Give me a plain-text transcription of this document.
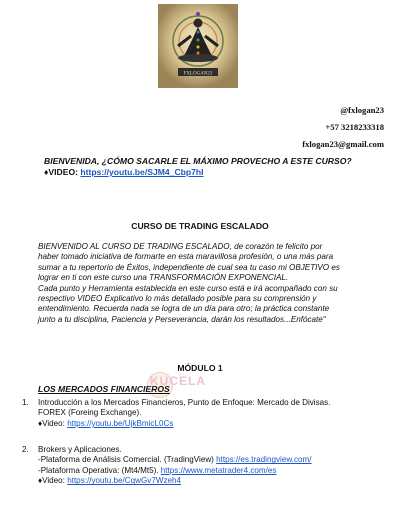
FXLOGAN23
@fxlogan23
+57 3218233318
fxlogan23@gmail.com
BIENVENIDA, ¿CÓMO SACARLE EL MÁXIMO PROVECHO A ESTE CURSO?
♦VIDEO: https://youtu.be/SJM4_Cbp7hI
CURSO DE TRADING ESCALADO
BIENVENIDO AL CURSO DE TRADING ESCALADO, de corazón te felicito por
haber tomado iniciativa de formarte en esta maravillosa profesión, o una más para
sumar a tu repertorio de Éxitos, independiente de cual sea tu caso mi OBJETIVO es
lograr en ti con este curso una TRANSFORMACIÓN EXPONENCIAL.
Cada punto y Herramienta establecida en este curso está e irá acompañado con su
respectivo VIDEO Explicativo lo más detallado posible para su comprensión y
entendimiento. Recuerda nada se logra de un día para otro; la práctica constante
junto a tu disciplina, Paciencia y Perseverancia, darán los resultados...Enfócate"
MÓDULO 1
KUCELA
LOS MERCADOS FINANCIEROS
1. Introducción a los Mercados Financieros, Punto de Enfoque: Mercado de Divisas.
FOREX (Foreing Exchange).
♦Video: https://youtu.be/UjkBmicL0Cs
2. Brokers y Aplicaciones.
-Plataforma de Análisis Comercial. (TradingView) https://es.tradingview.com/
-Plataforma Operativa: (Mt4/Mt5). https://www.metatrader4.com/es
♦Video: https://youtu.be/CqwGv7Wzeh4
